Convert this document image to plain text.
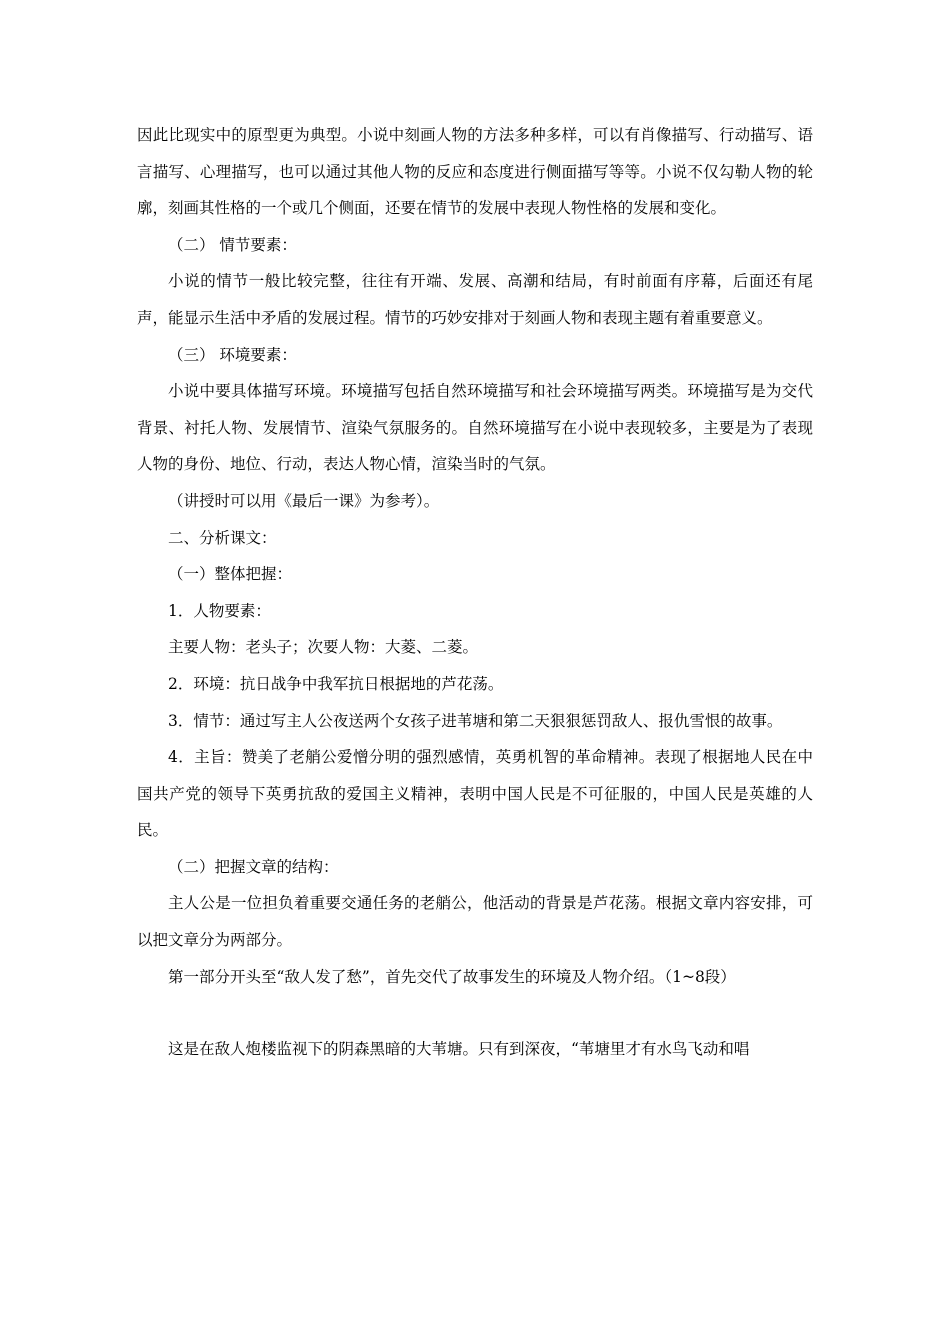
因此比现实中的原型更为典型。小说中刻画人物的方法多种多样，可以有肖像描写、行动描写、语言描写、心理描写，也可以通过其他人物的反应和态度进行侧面描写等等。小说不仅勾勒人物的轮廓，刻画其性格的一个或几个侧面，还要在情节的发展中表现人物性格的发展和变化。

（二） 情节要素：

小说的情节一般比较完整，往往有开端、发展、高潮和结局，有时前面有序幕，后面还有尾声，能显示生活中矛盾的发展过程。情节的巧妙安排对于刻画人物和表现主题有着重要意义。

（三） 环境要素：

小说中要具体描写环境。环境描写包括自然环境描写和社会环境描写两类。环境描写是为交代背景、衬托人物、发展情节、渲染气氛服务的。自然环境描写在小说中表现较多，主要是为了表现人物的身份、地位、行动，表达人物心情，渲染当时的气氛。

（讲授时可以用《最后一课》为参考）。

二、分析课文：

（一）整体把握：

1．人物要素：

主要人物：老头子；次要人物：大菱、二菱。

2．环境：抗日战争中我军抗日根据地的芦花荡。

3．情节：通过写主人公夜送两个女孩子进苇塘和第二天狠狠惩罚敌人、报仇雪恨的故事。

4．主旨：赞美了老艄公爱憎分明的强烈感情，英勇机智的革命精神。表现了根据地人民在中国共产党的领导下英勇抗敌的爱国主义精神，表明中国人民是不可征服的，中国人民是英雄的人民。

（二）把握文章的结构：

主人公是一位担负着重要交通任务的老艄公，他活动的背景是芦花荡。根据文章内容安排，可以把文章分为两部分。

第一部分开头至“敌人发了愁”，首先交代了故事发生的环境及人物介绍。（1~8段）

这是在敌人炮楼监视下的阴森黑暗的大苇塘。只有到深夜，“苇塘里才有水鸟飞动和唱
